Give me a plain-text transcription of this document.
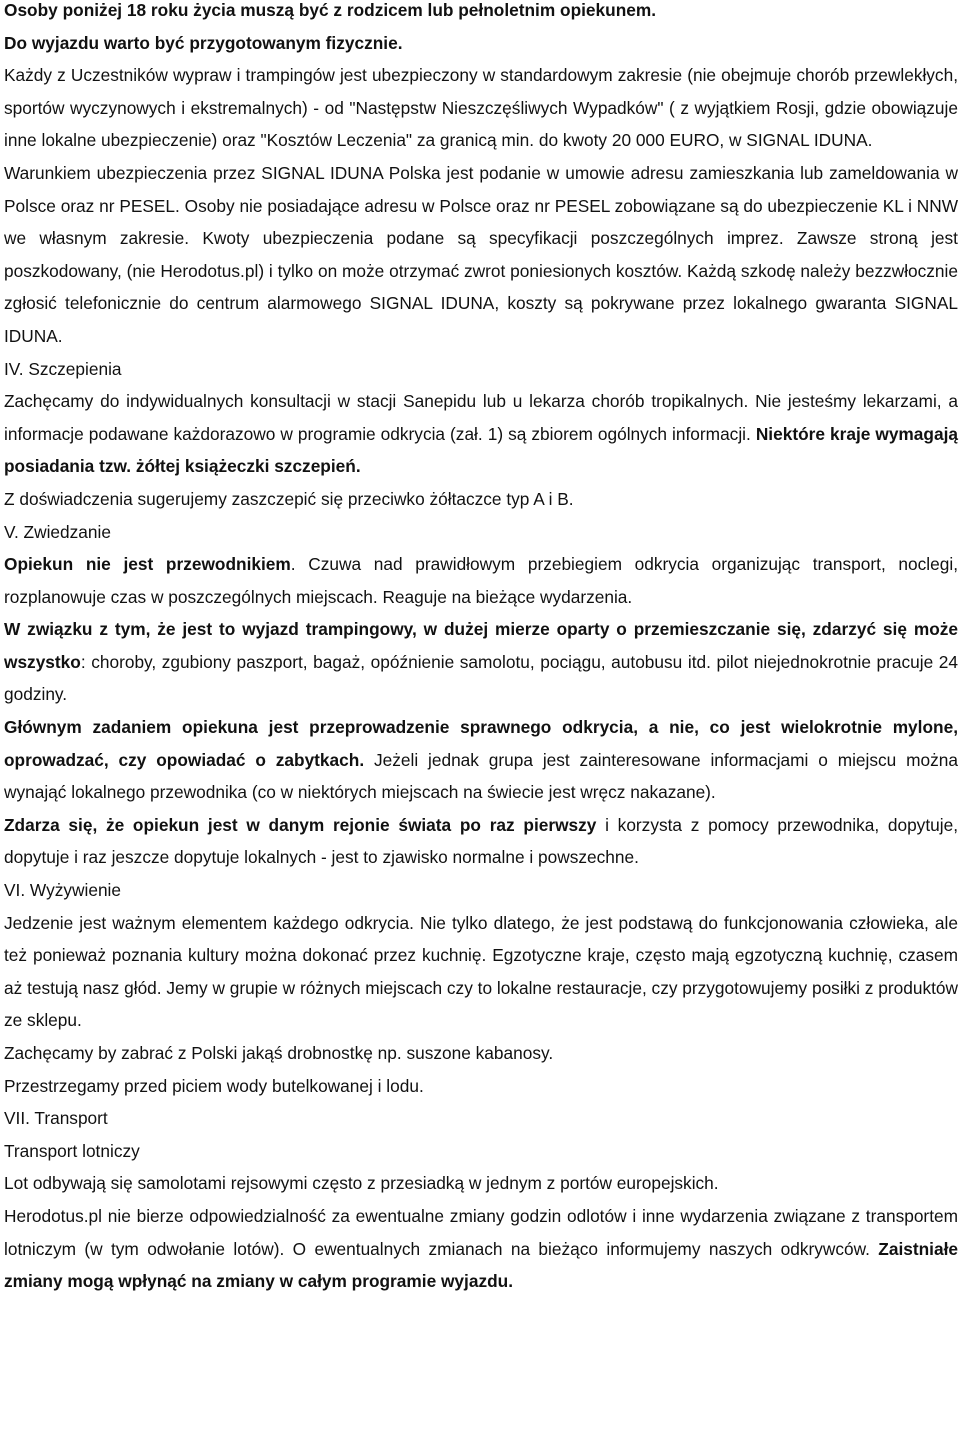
Osoby poniżej 18 roku życia muszą być z rodzicem lub pełnoletnim opiekunem.

Do wyjazdu warto być przygotowanym fizycznie.

Każdy z Uczestników wypraw i trampingów jest ubezpieczony w standardowym zakresie (nie obejmuje chorób przewlekłych, sportów wyczynowych i ekstremalnych) - od "Następstw Nieszczęśliwych Wypadków" ( z wyjątkiem Rosji, gdzie obowiązuje inne lokalne ubezpieczenie) oraz "Kosztów Leczenia" za granicą min. do kwoty 20 000 EURO, w SIGNAL IDUNA.

Warunkiem ubezpieczenia przez SIGNAL IDUNA Polska jest podanie w umowie adresu zamieszkania lub zameldowania w Polsce oraz nr PESEL. Osoby nie posiadające adresu w Polsce oraz nr PESEL zobowiązane są do ubezpieczenie KL i NNW we własnym zakresie. Kwoty ubezpieczenia podane są specyfikacji poszczególnych imprez. Zawsze stroną jest poszkodowany, (nie Herodotus.pl) i tylko on może otrzymać zwrot poniesionych kosztów. Każdą szkodę należy bezzwłocznie zgłosić telefonicznie do centrum alarmowego SIGNAL IDUNA, koszty są pokrywane przez lokalnego gwaranta SIGNAL IDUNA.

IV. Szczepienia

Zachęcamy do indywidualnych konsultacji w stacji Sanepidu lub u lekarza chorób tropikalnych. Nie jesteśmy lekarzami, a informacje podawane każdorazowo w programie odkrycia (zał. 1) są zbiorem ogólnych informacji. Niektóre kraje wymagają posiadania tzw. żółtej książeczki szczepień.

Z doświadczenia sugerujemy zaszczepić się przeciwko żółtaczce typ A i B.

V. Zwiedzanie

Opiekun nie jest przewodnikiem. Czuwa nad prawidłowym przebiegiem odkrycia organizując transport, noclegi, rozplanowuje czas w poszczególnych miejscach. Reaguje na bieżące wydarzenia.

W związku z tym, że jest to wyjazd trampingowy, w dużej mierze oparty o przemieszczanie się, zdarzyć się może wszystko: choroby, zgubiony paszport, bagaż, opóźnienie samolotu, pociągu, autobusu itd. pilot niejednokrotnie pracuje 24 godziny.

Głównym zadaniem opiekuna jest przeprowadzenie sprawnego odkrycia, a nie, co jest wielokrotnie mylone, oprowadzać, czy opowiadać o zabytkach. Jeżeli jednak grupa jest zainteresowane informacjami o miejscu można wynająć lokalnego przewodnika (co w niektórych miejscach na świecie jest wręcz nakazane).

Zdarza się, że opiekun jest w danym rejonie świata po raz pierwszy i korzysta z pomocy przewodnika, dopytuje, dopytuje i raz jeszcze dopytuje lokalnych - jest to zjawisko normalne i powszechne.

VI. Wyżywienie

Jedzenie jest ważnym elementem każdego odkrycia. Nie tylko dlatego, że jest podstawą do funkcjonowania człowieka, ale też ponieważ poznania kultury można dokonać przez kuchnię. Egzotyczne kraje, często mają egzotyczną kuchnię, czasem aż testują nasz głód. Jemy w grupie w różnych miejscach czy to lokalne restauracje, czy przygotowujemy posiłki z produktów ze sklepu.

Zachęcamy by zabrać z Polski jakąś drobnostkę np. suszone kabanosy.

Przestrzegamy przed piciem wody butelkowanej i lodu.

VII. Transport

Transport lotniczy

Lot odbywają się samolotami rejsowymi często z przesiadką w jednym z portów europejskich.

Herodotus.pl nie bierze odpowiedzialność za ewentualne zmiany godzin odlotów i inne wydarzenia związane z transportem lotniczym (w tym odwołanie lotów). O ewentualnych zmianach na bieżąco informujemy naszych odkrywców. Zaistniałe zmiany mogą wpłynąć na zmiany w całym programie wyjazdu.
